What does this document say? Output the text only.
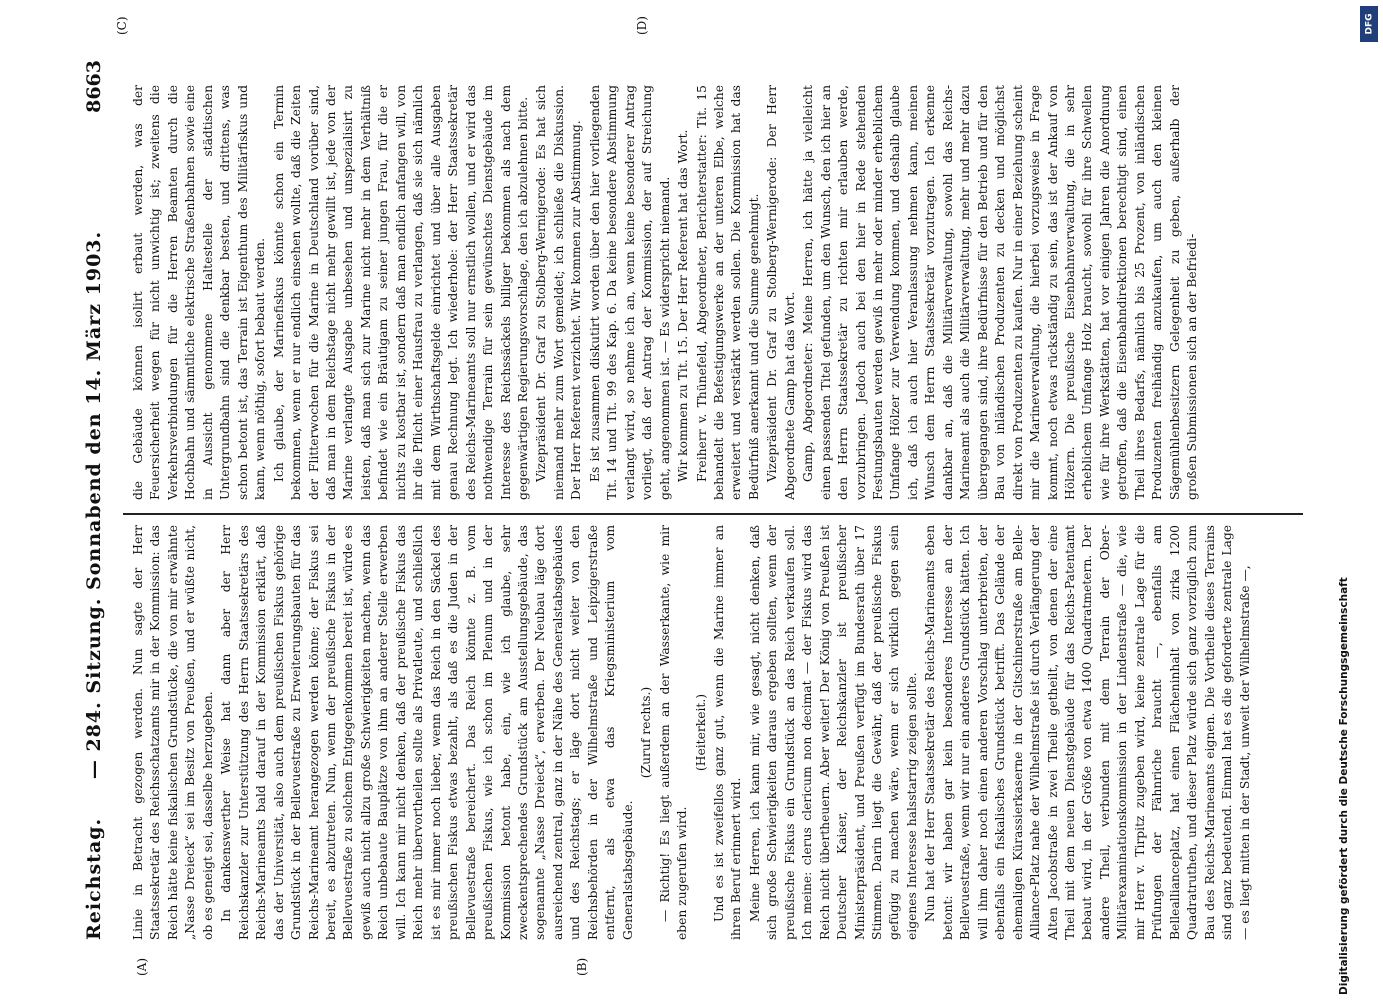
Reichstag.
— 284. Sitzung. Sonnabend den 14. März 1903.
8663
(A)	(B)
(C)	(D)

Linie in Betracht gezogen werden. Nun sagte der Herr Staatssekretär des Reichsschatzamts mir in der Kommission: das Reich hätte keine fiskalischen Grundstücke, die von mir erwähnte „Nasse Dreieck“ sei im Besitz von Preußen, und er wüßte nicht, ob es geneigt sei, dasselbe herzugeben. In dankenswerther Weise hat dann aber der Herr Reichskanzler zur Unterstützung des Herrn Staatssekretärs des Reichs-Marineamts bald darauf in der Kommission erklärt, daß das der Universität, also auch dem preußischen Fiskus gehörige Grundstück in der Bellevuestraße zu Erweiterungsbauten für das Reichs-Marineamt herangezogen werden könne; der Fiskus sei bereit, es abzutreten. Nun, wenn der preußische Fiskus in der Bellevuestraße zu solchem Entgegenkommen bereit ist, würde es gewiß auch nicht allzu große Schwierigkeiten machen, wenn das Reich unbebaute Bauplätze von ihm an anderer Stelle erwerben will. Ich kann mir nicht denken, daß der preußische Fiskus das Reich mehr übervortheilen sollte als Privatleute, und schließlich ist es mir immer noch lieber, wenn das Reich in den Säckel des preußischen Fiskus etwas bezahlt, als daß es die Juden in der Bellevuestraße bereichert. Das Reich könnte z. B. vom preußischen Fiskus, wie ich schon im Plenum und in der Kommission betont habe, ein, wie ich glaube, sehr zweckentsprechendes Grundstück am Ausstellungsgebäude, das sogenannte „Nasse Dreieck“, erwerben. Der Neubau läge dort ausreichend zentral, ganz in der Nähe des Generalstabsgebäudes und des Reichstags; er läge dort nicht weiter von den Reichsbehörden in der Wilhelmstraße und Leipzigerstraße entfernt, als etwa das Kriegsministerium vom Generalstabsgebäude.

(Zuruf rechts.) — Richtig! Es liegt außerdem an der Wasserkante, wie mir eben zugerufen wird.

(Heiterkeit.) Und es ist zweifellos ganz gut, wenn die Marine immer an ihren Beruf erinnert wird. Meine Herren, ich kann mir, wie gesagt, nicht denken, daß sich große Schwierigkeiten daraus ergeben sollten, wenn der preußische Fiskus ein Grundstück an das Reich verkaufen soll. Ich meine: clerus clericum non decimat — der Fiskus wird das Reich nicht übertheuern. Aber weiter! Der König von Preußen ist Deutscher Kaiser, der Reichskanzler ist preußischer Ministerpräsident, und Preußen verfügt im Bundesrath über 17 Stimmen. Darin liegt die Gewähr, daß der preußische Fiskus gefügig zu machen wäre, wenn er sich wirklich gegen sein eigenes Interesse halsstarrig zeigen sollte. Nun hat der Herr Staatssekretär des Reichs-Marineamts eben betont: wir haben gar kein besonderes Interesse an der Bellevuestraße, wenn wir nur ein anderes Grundstück hätten. Ich will ihm daher noch einen anderen Vorschlag unterbreiten, der ebenfalls ein fiskalisches Grundstück betrifft. Das Gelände der ehemaligen Kürassierkaserne in der Gitschinerstraße am Belle-Alliance-Platz nahe der Wilhelmstraße ist durch Verlängerung der Alten Jacobstraße in zwei Theile getheilt, von denen der eine Theil mit dem neuen Dienstgebäude für das Reichs-Patentamt bebaut wird, in der Größe von etwa 1400 Quadratmetern. Der andere Theil, verbunden mit dem Terrain der Ober-Militärexaminationskommission in der Lindenstraße — die, wie mir Herr v. Tirpitz zugeben wird, keine zentrale Lage für die Prüfungen der Fähnriche braucht —, ebenfalls am Belleallianceplatz, hat einen Flächeninhalt von zirka 1200 Quadratruthen, und dieser Platz würde sich ganz vorzüglich zum Bau des Reichs-Marineamts eignen. Die Vortheile dieses Terrains sind ganz bedeutend. Einmal hat es die geforderte zentrale Lage — es liegt mitten in der Stadt, unweit der Wilhelmstraße —,

die Gebäude können isolirt erbaut werden, was der Feuersicherheit wegen für nicht unwichtig ist; zweitens die Verkehrsverbindungen für die Herren Beamten durch die Hochbahn und sämmtliche elektrische Straßenbahnen sowie eine in Aussicht genommene Haltestelle der städtischen Untergrundbahn sind die denkbar besten, und drittens, was schon betont ist, das Terrain ist Eigenthum des Militärfiskus und kann, wenn nöthig, sofort bebaut werden. Ich glaube, der Marinefiskus könnte schon ein Termin bekommen, wenn er nur endlich einsehen wollte, daß die Zeiten der Flitterwochen für die Marine in Deutschland vorüber sind, daß man in dem Reichstage nicht mehr gewillt ist, jede von der Marine verlangte Ausgabe unbesehen und unspezialisirt zu leisten, daß man sich zur Marine nicht mehr in dem Verhältniß befindet wie ein Bräutigam zu seiner jungen Frau, für die er nichts zu kostbar ist, sondern daß man endlich anfangen will, von ihr die Pflicht einer Hausfrau zu verlangen, daß sie sich nämlich mit dem Wirthschaftsgelde einrichtet und über alle Ausgaben genau Rechnung legt. Ich wiederhole: der Herr Staatssekretär des Reichs-Marineamts soll nur ernstlich wollen, und er wird das nothwendige Terrain für sein gewünschtes Dienstgebäude im Interesse des Reichssäckels billiger bekommen als nach dem gegenwärtigen Regierungsvorschlage, den ich abzulehnen bitte. Vizepräsident Dr. Graf zu Stolberg-Wernigerode: Es hat sich niemand mehr zum Wort gemeldet; ich schließe die Diskussion. Der Herr Referent verzichtet. Wir kommen zur Abstimmung. Es ist zusammen diskutirt worden über den hier vorliegenden Tit. 14 und Tit. 99 des Kap. 6. Da keine besondere Abstimmung verlangt wird, so nehme ich an, wenn keine besonderer Antrag vorliegt, daß der Antrag der Kommission, der auf Streichung geht, angenommen ist. — Es widerspricht niemand. Wir kommen zu Tit. 15. Der Herr Referent hat das Wort. Freiherr v. Thünefeld, Abgeordneter, Berichterstatter: Tit. 15 behandelt die Befestigungswerke an der unteren Elbe, welche erweitert und verstärkt werden sollen. Die Kommission hat das Bedürfniß anerkannt und die Summe genehmigt. Vizepräsident Dr. Graf zu Stolberg-Wernigerode: Der Herr Abgeordnete Gamp hat das Wort. Gamp, Abgeordneter: Meine Herren, ich hätte ja vielleicht einen passenden Titel gefunden, um den Wunsch, den ich hier an den Herrn Staatssekretär zu richten mir erlauben werde, vorzubringen. Jedoch auch bei den hier in Rede stehenden Festungsbauten werden gewiß in mehr oder minder erheblichem Umfange Hölzer zur Verwendung kommen, und deshalb glaube ich, daß ich auch hier Veranlassung nehmen kann, meinen Wunsch dem Herrn Staatssekretär vorzutragen. Ich erkenne dankbar an, daß die Militärverwaltung, sowohl das Reichs-Marineamt als auch die Militärverwaltung, mehr und mehr dazu übergegangen sind, ihre Bedürfnisse für den Betrieb und für den Bau von inländischen Produzenten zu decken und möglichst direkt von Produzenten zu kaufen. Nur in einer Beziehung scheint mir die Marineverwaltung, die hierbei vorzugsweise in Frage kommt, noch etwas rückständig zu sein, das ist der Ankauf von Hölzern. Die preußische Eisenbahnverwaltung, die in sehr erheblichem Umfange Holz braucht, sowohl für ihre Schwellen wie für ihre Werkstätten, hat vor einigen Jahren die Anordnung getroffen, daß die Eisenbahndirektionen berechtigt sind, einen Theil ihres Bedarfs, nämlich bis 25 Prozent, von inländischen Produzenten freihändig anzukaufen, um auch den kleinen Sägemühlenbesitzern Gelegenheit zu geben, außerhalb der großen Submissionen sich an der Befriedi-

Digitalisierung gefördert durch die Deutsche Forschungsgemeinschaft
DFG
